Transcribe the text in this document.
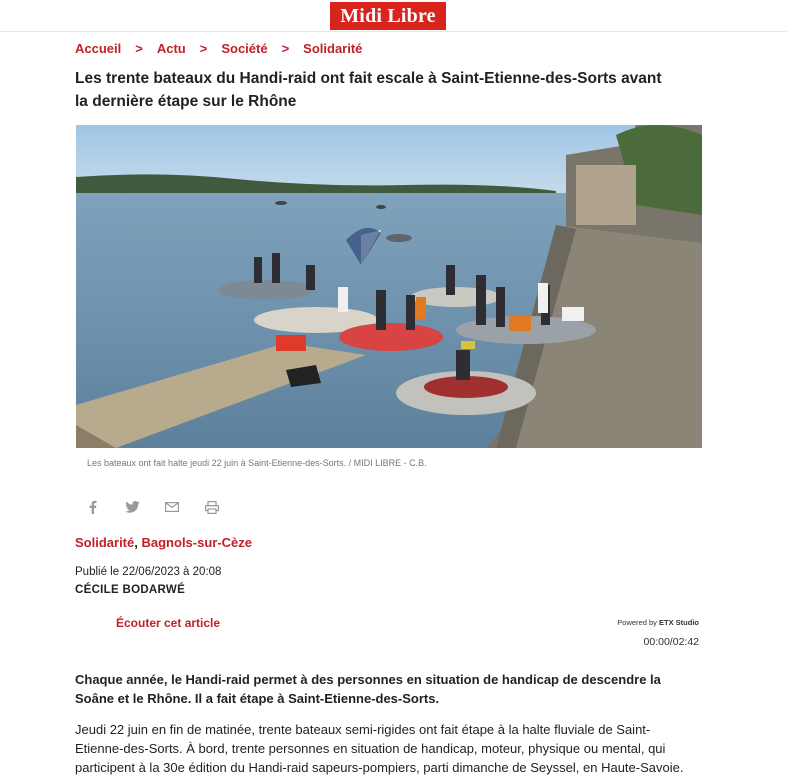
Midi Libre
Accueil > Actu > Société > Solidarité
Les trente bateaux du Handi-raid ont fait escale à Saint-Etienne-des-Sorts avant la dernière étape sur le Rhône
Les bateaux ont fait halte jeudi 22 juin à Saint-Etienne-des-Sorts. / MIDI LIBRE - C.B.
Solidarité, Bagnols-sur-Cèze
Publié le 22/06/2023 à 20:08
CÉCILE BODARWÉ
Écouter cet article	Powered by ETX Studio
00:00/02:42

Chaque année, le Handi-raid permet à des personnes en situation de handicap de descendre la Soâne et le Rhône. Il a fait étape à Saint-Etienne-des-Sorts.

Jeudi 22 juin en fin de matinée, trente bateaux semi-rigides ont fait étape à la halte fluviale de Saint-Etienne-des-Sorts. À bord, trente personnes en situation de handicap, moteur, physique ou mental, qui participent à la 30e édition du Handi-raid sapeurs-pompiers, parti dimanche de Seyssel, en Haute-Savoie.
